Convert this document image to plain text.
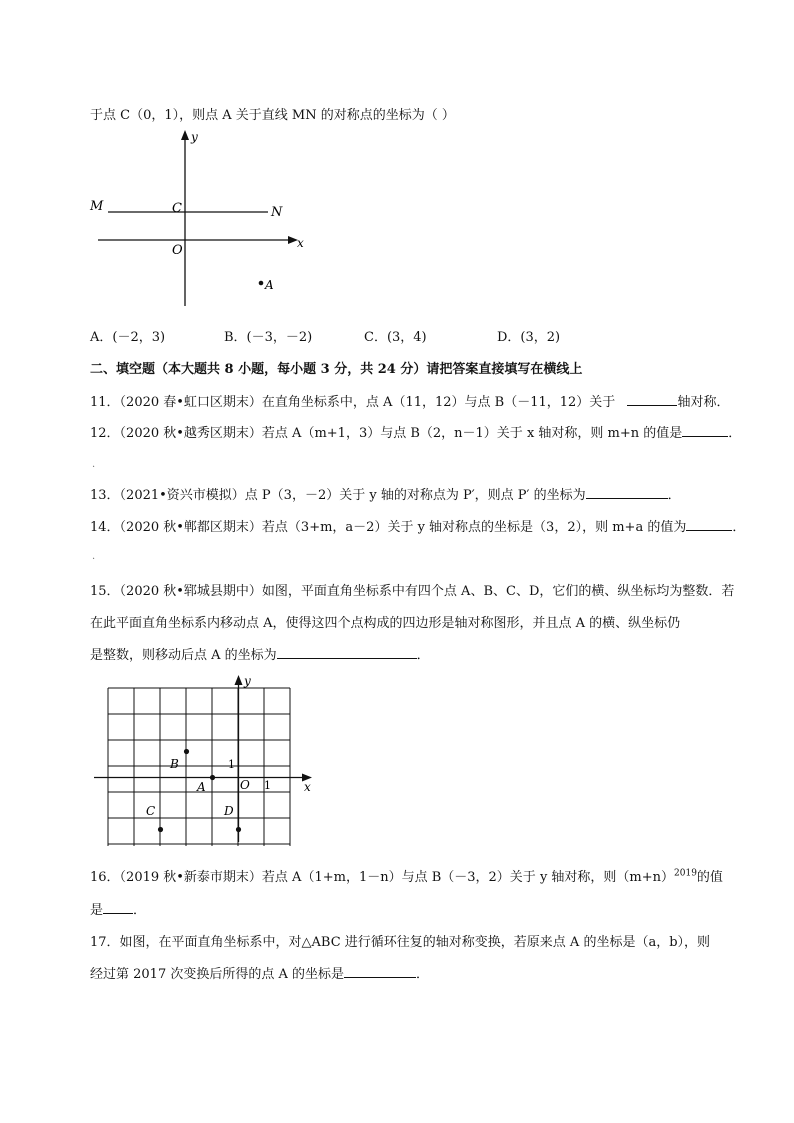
于点 C（0，1），则点 A 关于直线 MN 的对称点的坐标为（ ）
y
x
M	N
C
O
A
A．(－2，3)	B．(－3，－2)	C．(3，4)	D．(3，2)
二、填空题（本大题共 8 小题，每小题 3 分，共 24 分）请把答案直接填写在横线上
11．（2020 春•虹口区期末）在直角坐标系中，点 A（11，12）与点 B（－11，12）关于	轴对称．
12．（2020 秋•越秀区期末）若点 A（m+1，3）与点 B（2，n－1）关于 x 轴对称，则 m+n 的值是	．
·
13．（2021•资兴市模拟）点 P（3，－2）关于 y 轴的对称点为 P′，则点 P′ 的坐标为	．
14．（2020 秋•郸都区期末）若点（3+m，a－2）关于 y 轴对称点的坐标是（3，2），则 m+a 的值为	．
·
15．（2020 秋•郓城县期中）如图，平面直角坐标系中有四个点 A、B、C、D，它们的横、纵坐标均为整数．若
在此平面直角坐标系内移动点 A，使得这四个点构成的四边形是轴对称图形，并且点 A 的横、纵坐标仍
是整数，则移动后点 A 的坐标为	．
y
x
B
A	O
C	D
1
1
16．（2019 秋•新泰市期末）若点 A（1+m，1－n）与点 B（－3，2）关于 y 轴对称，则$(m+n)^{2019}$的值
是 ．
17．如图，在平面直角坐标系中，对△ABC 进行循环往复的轴对称变换，若原来点 A 的坐标是（a，b），则
经过第 2017 次变换后所得的点 A 的坐标是	．
